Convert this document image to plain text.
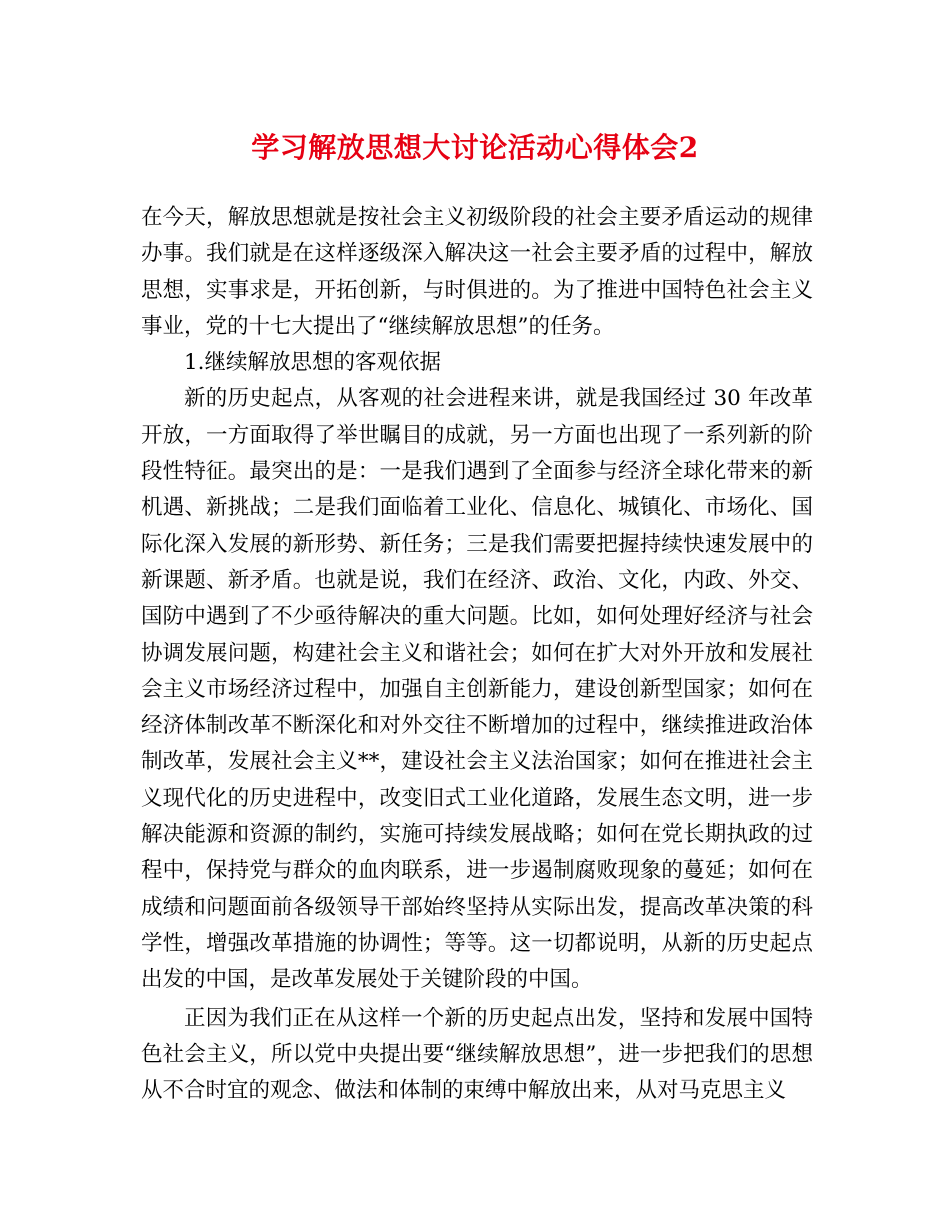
学习解放思想大讨论活动心得体会2

在今天，解放思想就是按社会主义初级阶段的社会主要矛盾运动的规律办事。我们就是在这样逐级深入解决这一社会主要矛盾的过程中，解放思想，实事求是，开拓创新，与时俱进的。为了推进中国特色社会主义事业，党的十七大提出了“继续解放思想”的任务。

1.继续解放思想的客观依据

新的历史起点，从客观的社会进程来讲，就是我国经过 30 年改革开放，一方面取得了举世瞩目的成就，另一方面也出现了一系列新的阶段性特征。最突出的是：一是我们遇到了全面参与经济全球化带来的新机遇、新挑战；二是我们面临着工业化、信息化、城镇化、市场化、国际化深入发展的新形势、新任务；三是我们需要把握持续快速发展中的新课题、新矛盾。也就是说，我们在经济、政治、文化，内政、外交、国防中遇到了不少亟待解决的重大问题。比如，如何处理好经济与社会协调发展问题，构建社会主义和谐社会；如何在扩大对外开放和发展社会主义市场经济过程中，加强自主创新能力，建设创新型国家；如何在经济体制改革不断深化和对外交往不断增加的过程中，继续推进政治体制改革，发展社会主义**，建设社会主义法治国家；如何在推进社会主义现代化的历史进程中，改变旧式工业化道路，发展生态文明，进一步解决能源和资源的制约，实施可持续发展战略；如何在党长期执政的过程中，保持党与群众的血肉联系，进一步遏制腐败现象的蔓延；如何在成绩和问题面前各级领导干部始终坚持从实际出发，提高改革决策的科学性，增强改革措施的协调性；等等。这一切都说明，从新的历史起点出发的中国，是改革发展处于关键阶段的中国。

正因为我们正在从这样一个新的历史起点出发，坚持和发展中国特色社会主义，所以党中央提出要“继续解放思想”，进一步把我们的思想从不合时宜的观念、做法和体制的束缚中解放出来，从对马克思主义
